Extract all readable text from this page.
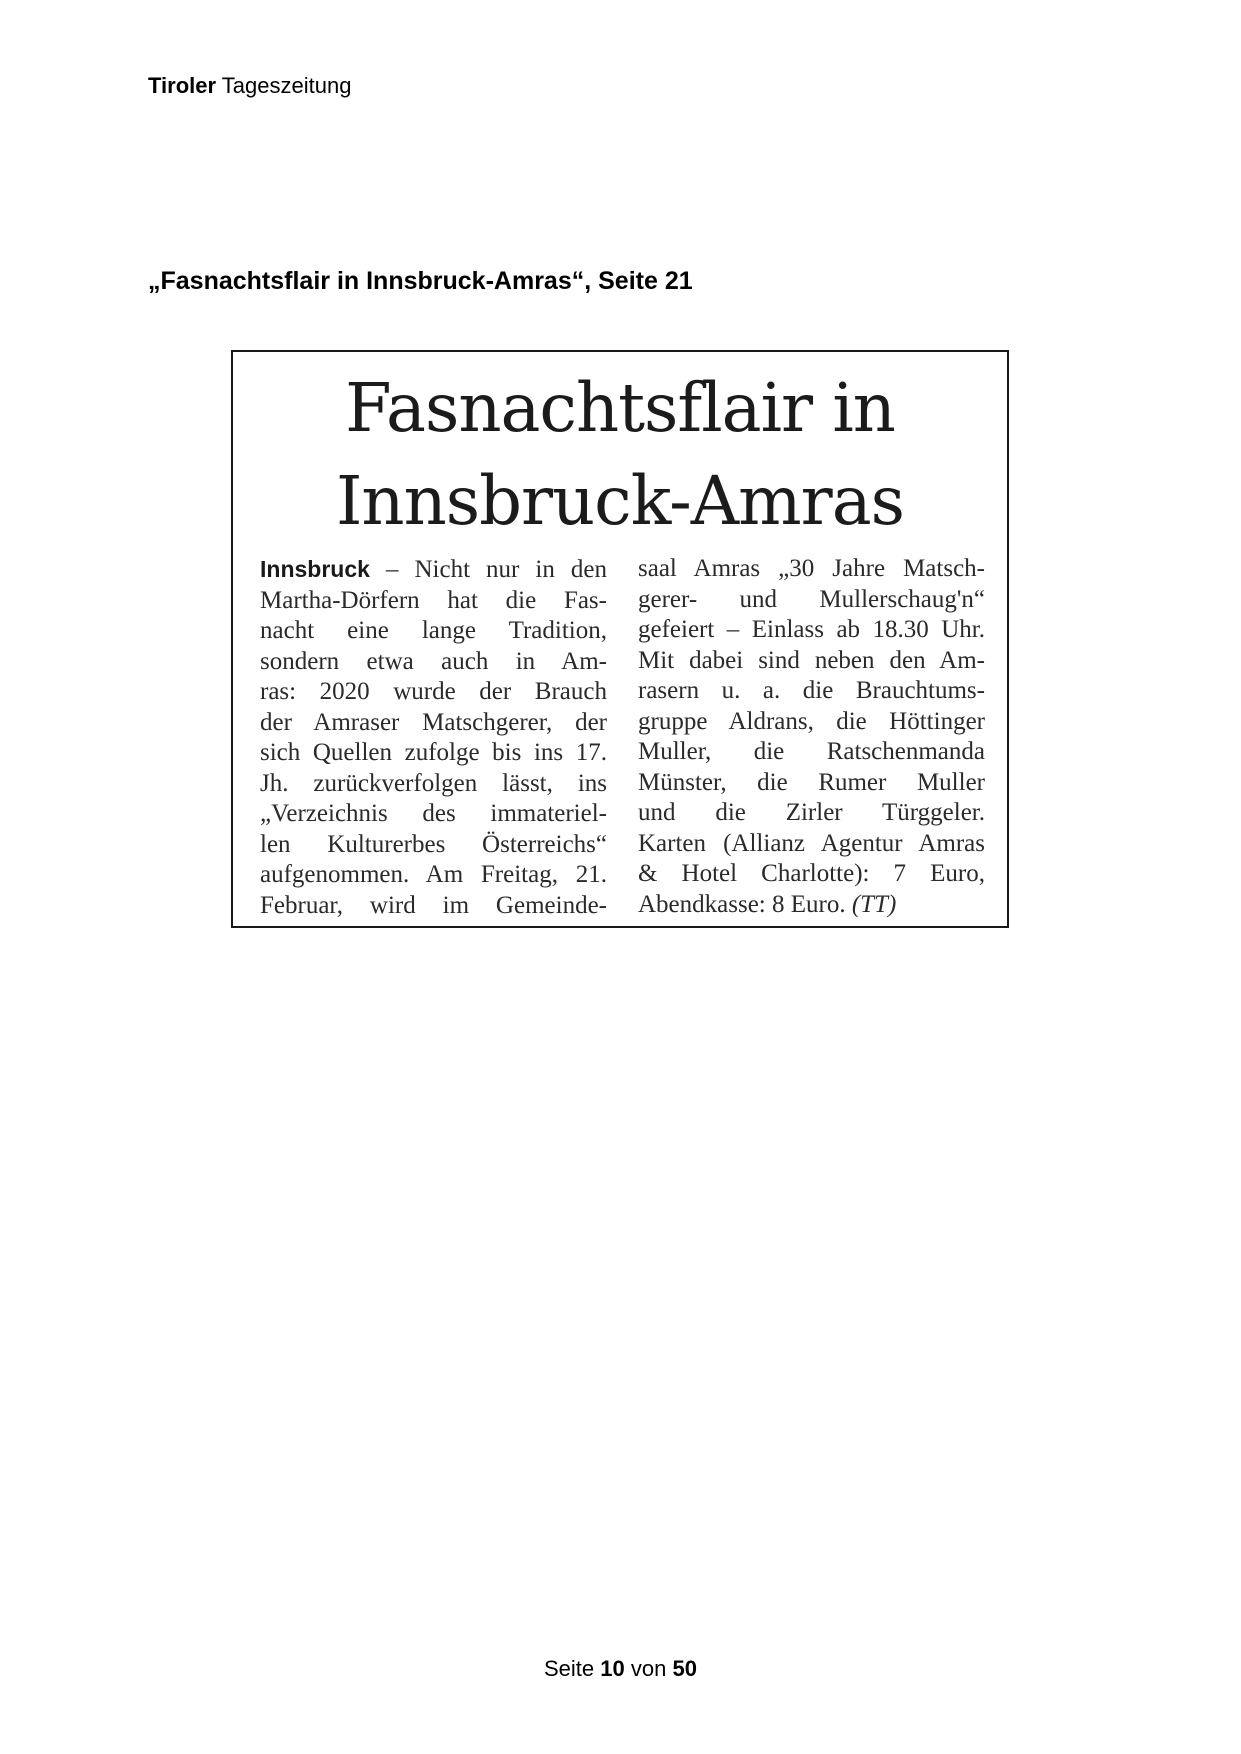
Tiroler Tageszeitung
„Fasnachtsflair in Innsbruck-Amras“, Seite 21
Fasnachtsflair in
Innsbruck-Amras
Innsbruck – Nicht nur in den
Martha-Dörfern hat die Fas-
nacht eine lange Tradition,
sondern etwa auch in Am-
ras: 2020 wurde der Brauch
der Amraser Matschgerer, der
sich Quellen zufolge bis ins 17.
Jh. zurückverfolgen lässt, ins
„Verzeichnis des immateriel-
len Kulturerbes Österreichs“
aufgenommen. Am Freitag, 21.
Februar, wird im Gemeinde-
saal Amras „30 Jahre Matsch-
gerer- und Mullerschaug'n“
gefeiert – Einlass ab 18.30 Uhr.
Mit dabei sind neben den Am-
rasern u. a. die Brauchtums-
gruppe Aldrans, die Höttinger
Muller, die Ratschenmanda
Münster, die Rumer Muller
und die Zirler Türggeler.
Karten (Allianz Agentur Amras
& Hotel Charlotte): 7 Euro,
Abendkasse: 8 Euro. (TT)
Seite 10 von 50
